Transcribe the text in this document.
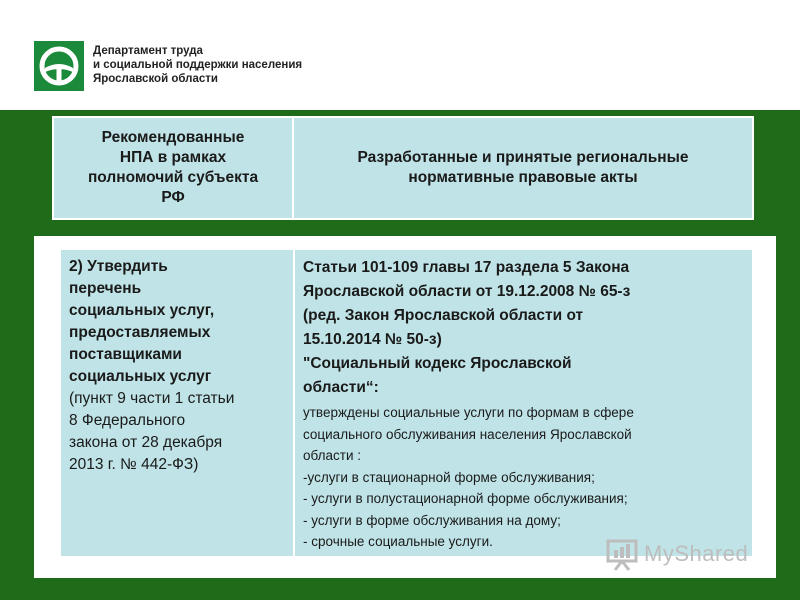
Департамент труда
и социальной поддержки населения
Ярославской области
Рекомендованные
НПА в рамках
полномочий субъекта
РФ
Разработанные и принятые региональные
нормативные правовые акты
2) Утвердить
перечень
социальных услуг,
предоставляемых
поставщиками
социальных услуг
(пункт 9 части 1 статьи
8 Федерального
закона от 28 декабря
2013 г. № 442-ФЗ)
Статьи 101-109 главы 17 раздела 5 Закона
Ярославской области от 19.12.2008 № 65-з
(ред. Закон Ярославской области от
15.10.2014 № 50-з)
"Социальный кодекс Ярославской
области“:
утверждены социальные услуги по формам в сфере
социального обслуживания населения Ярославской
области :
-услуги в стационарной форме обслуживания;
- услуги в полустационарной форме обслуживания;
- услуги в форме обслуживания на дому;
- срочные социальные услуги.	MyShared
